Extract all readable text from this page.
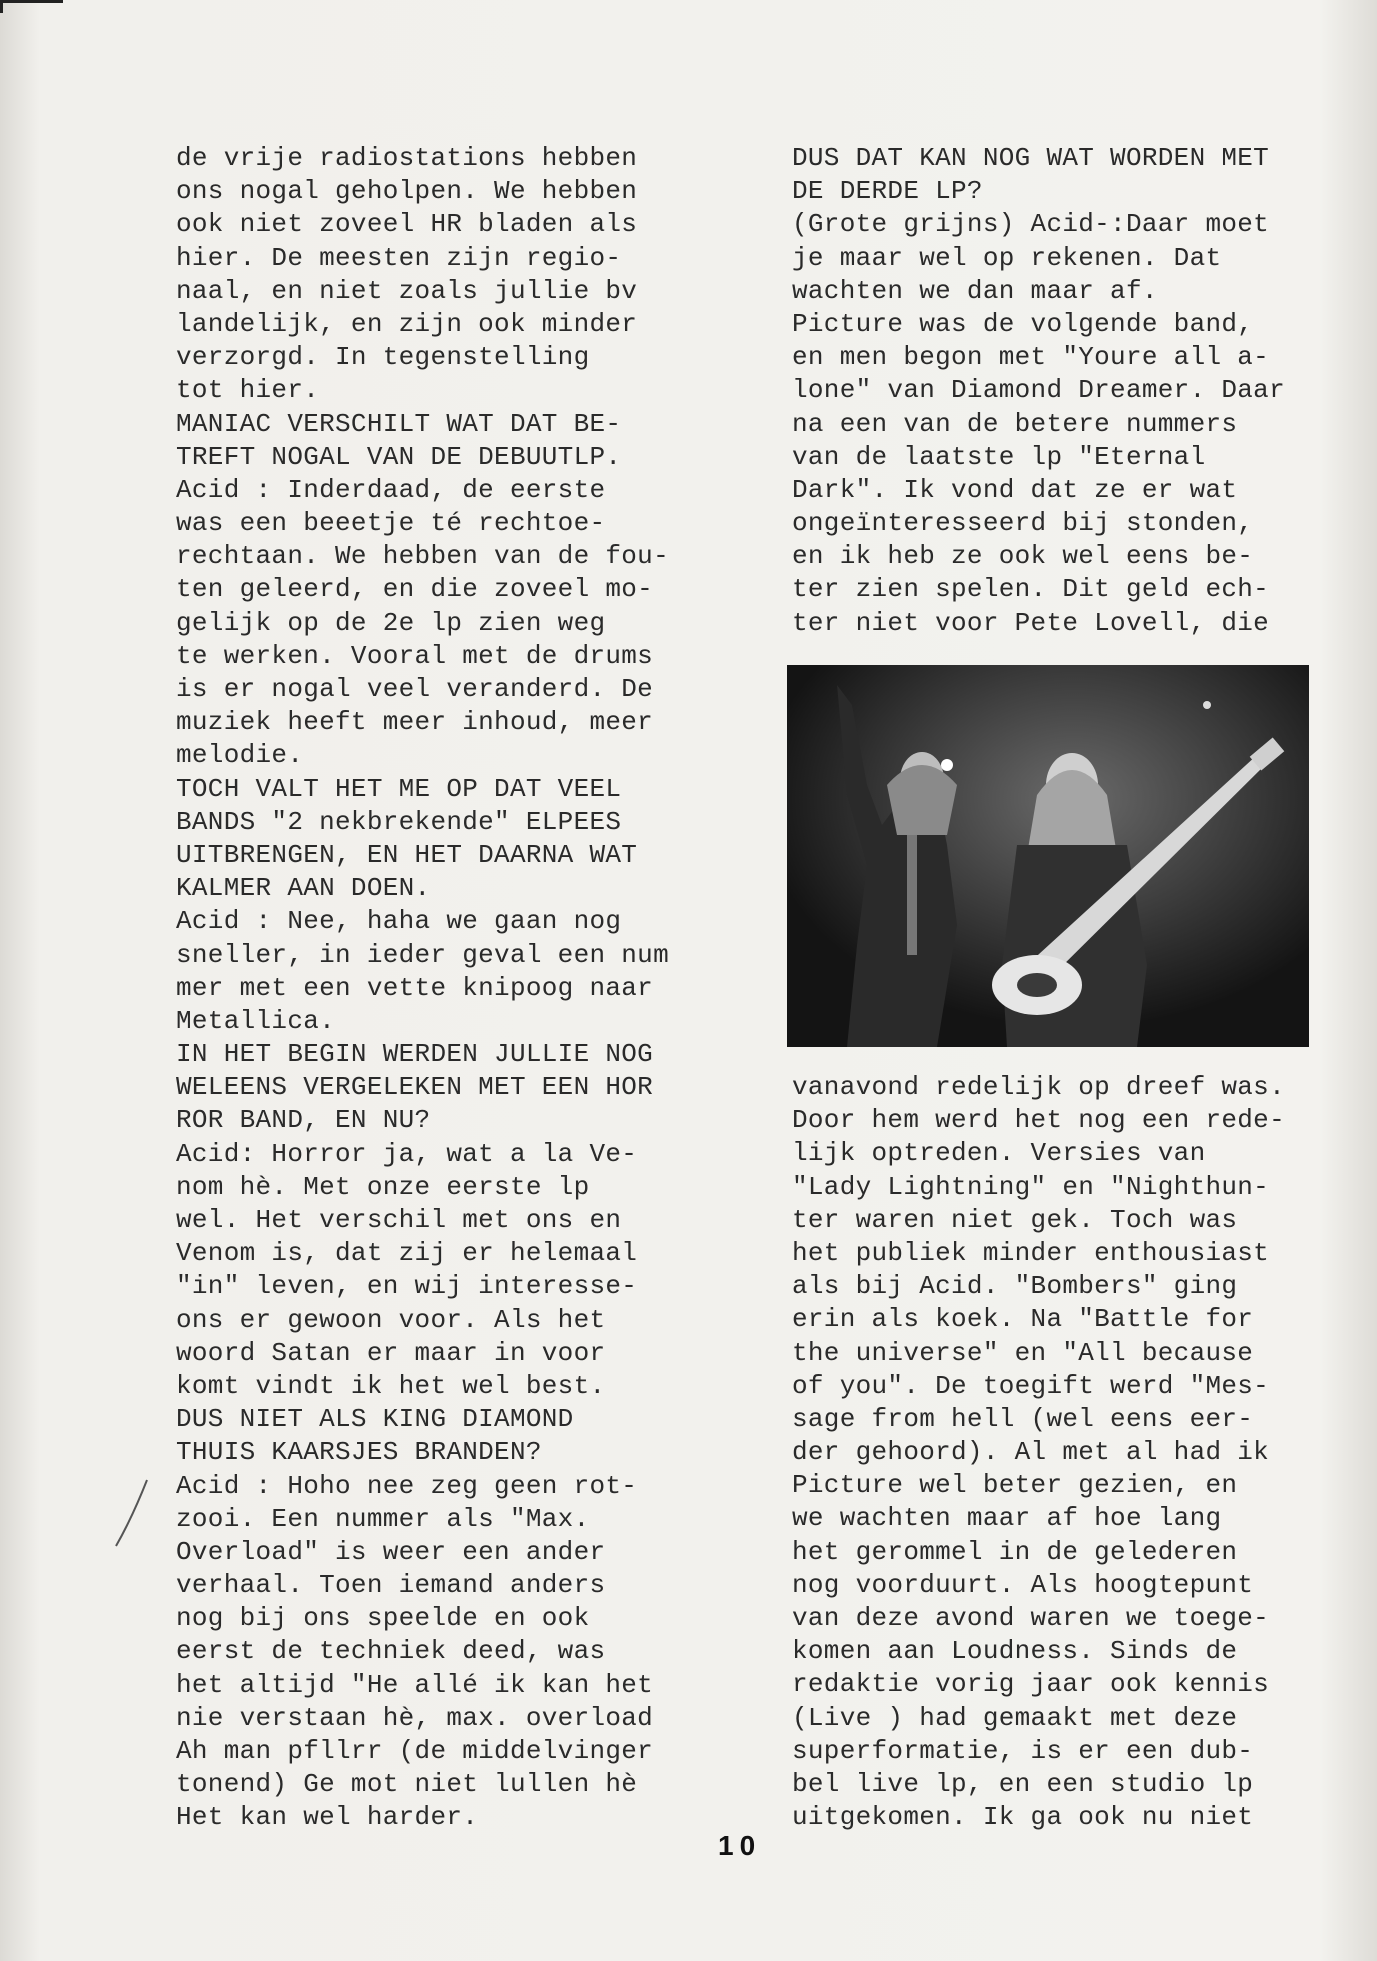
de vrije radiostations hebben
ons nogal geholpen. We hebben
ook niet zoveel HR bladen als
hier. De meesten zijn regio-
naal, en niet zoals jullie bv
landelijk, en zijn ook minder
verzorgd. In tegenstelling
tot hier.
MANIAC VERSCHILT WAT DAT BE-
TREFT NOGAL VAN DE DEBUUTLP.
Acid : Inderdaad, de eerste
was een beeetje té rechtoe-
rechtaan. We hebben van de fou-
ten geleerd, en die zoveel mo-
gelijk op de 2e lp zien weg
te werken. Vooral met de drums
is er nogal veel veranderd. De
muziek heeft meer inhoud, meer
melodie.
TOCH VALT HET ME OP DAT VEEL
BANDS "2 nekbrekende" ELPEES
UITBRENGEN, EN HET DAARNA WAT
KALMER AAN DOEN.
Acid : Nee, haha we gaan nog
sneller, in ieder geval een num
mer met een vette knipoog naar
Metallica.
IN HET BEGIN WERDEN JULLIE NOG
WELEENS VERGELEKEN MET EEN HOR
ROR BAND, EN NU?
Acid: Horror ja, wat a la Ve-
nom hè. Met onze eerste lp
wel. Het verschil met ons en
Venom is, dat zij er helemaal
"in" leven, en wij interesse-
ons er gewoon voor. Als het
woord Satan er maar in voor
komt vindt ik het wel best.
DUS NIET ALS KING DIAMOND
THUIS KAARSJES BRANDEN?
Acid : Hoho nee zeg geen rot-
zooi. Een nummer als "Max.
Overload" is weer een ander
verhaal. Toen iemand anders
nog bij ons speelde en ook
eerst de techniek deed, was
het altijd "He allé ik kan het
nie verstaan hè, max. overload
Ah man pfllrr (de middelvinger
tonend) Ge mot niet lullen hè
Het kan wel harder.
DUS DAT KAN NOG WAT WORDEN MET
DE DERDE LP?
(Grote grijns) Acid-:Daar moet
je maar wel op rekenen. Dat
wachten we dan maar af.
Picture was de volgende band,
en men begon met "Youre all a-
lone" van Diamond Dreamer. Daar
na een van de betere nummers
van de laatste lp "Eternal
Dark". Ik vond dat ze er wat
ongeïnteresseerd bij stonden,
en ik heb ze ook wel eens be-
ter zien spelen. Dit geld ech-
ter niet voor Pete Lovell, die
vanavond redelijk op dreef was.
Door hem werd het nog een rede-
lijk optreden. Versies van
"Lady Lightning" en "Nighthun-
ter waren niet gek. Toch was
het publiek minder enthousiast
als bij Acid. "Bombers" ging
erin als koek. Na "Battle for
the universe" en "All because
of you". De toegift werd "Mes-
sage from hell (wel eens eer-
der gehoord). Al met al had ik
Picture wel beter gezien, en
we wachten maar af hoe lang
het gerommel in de gelederen
nog voorduurt. Als hoogtepunt
van deze avond waren we toege-
komen aan Loudness. Sinds de
redaktie vorig jaar ook kennis
(Live ) had gemaakt met deze
superformatie, is er een dub-
bel live lp, en een studio lp
uitgekomen. Ik ga ook nu niet
10
